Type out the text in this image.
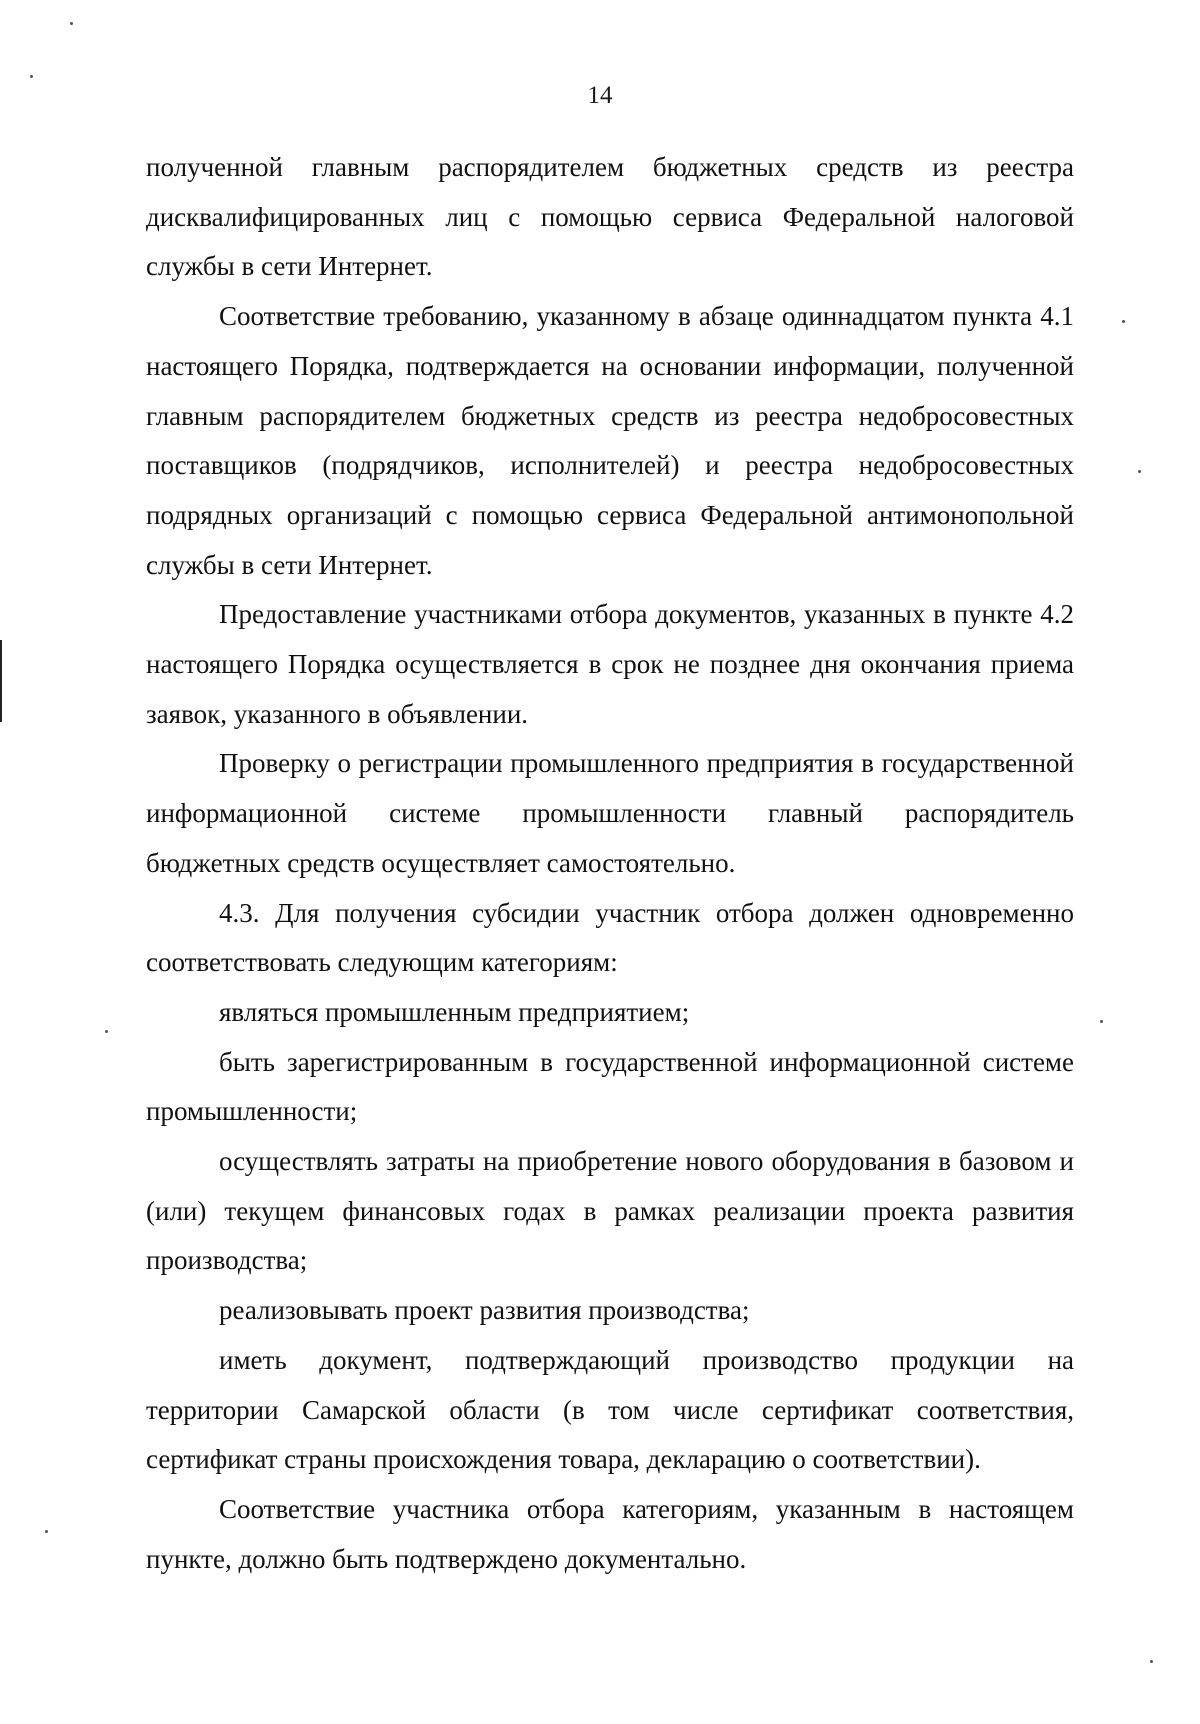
14

полученной главным распорядителем бюджетных средств из реестра дисквалифицированных лиц с помощью сервиса Федеральной налоговой службы в сети Интернет.

Соответствие требованию, указанному в абзаце одиннадцатом пункта 4.1 настоящего Порядка, подтверждается на основании информации, полученной главным распорядителем бюджетных средств из реестра недобросовестных поставщиков (подрядчиков, исполнителей) и реестра недобросовестных подрядных организаций с помощью сервиса Федеральной антимонопольной службы в сети Интернет.

Предоставление участниками отбора документов, указанных в пункте 4.2 настоящего Порядка осуществляется в срок не позднее дня окончания приема заявок, указанного в объявлении.

Проверку о регистрации промышленного предприятия в государственной информационной системе промышленности главный распорядитель бюджетных средств осуществляет самостоятельно.

4.3. Для получения субсидии участник отбора должен одновременно соответствовать следующим категориям:

являться промышленным предприятием;

быть зарегистрированным в государственной информационной системе промышленности;

осуществлять затраты на приобретение нового оборудования в базовом и (или) текущем финансовых годах в рамках реализации проекта развития производства;

реализовывать проект развития производства;

иметь документ, подтверждающий производство продукции на территории Самарской области (в том числе сертификат соответствия, сертификат страны происхождения товара, декларацию о соответствии).

Соответствие участника отбора категориям, указанным в настоящем пункте, должно быть подтверждено документально.
